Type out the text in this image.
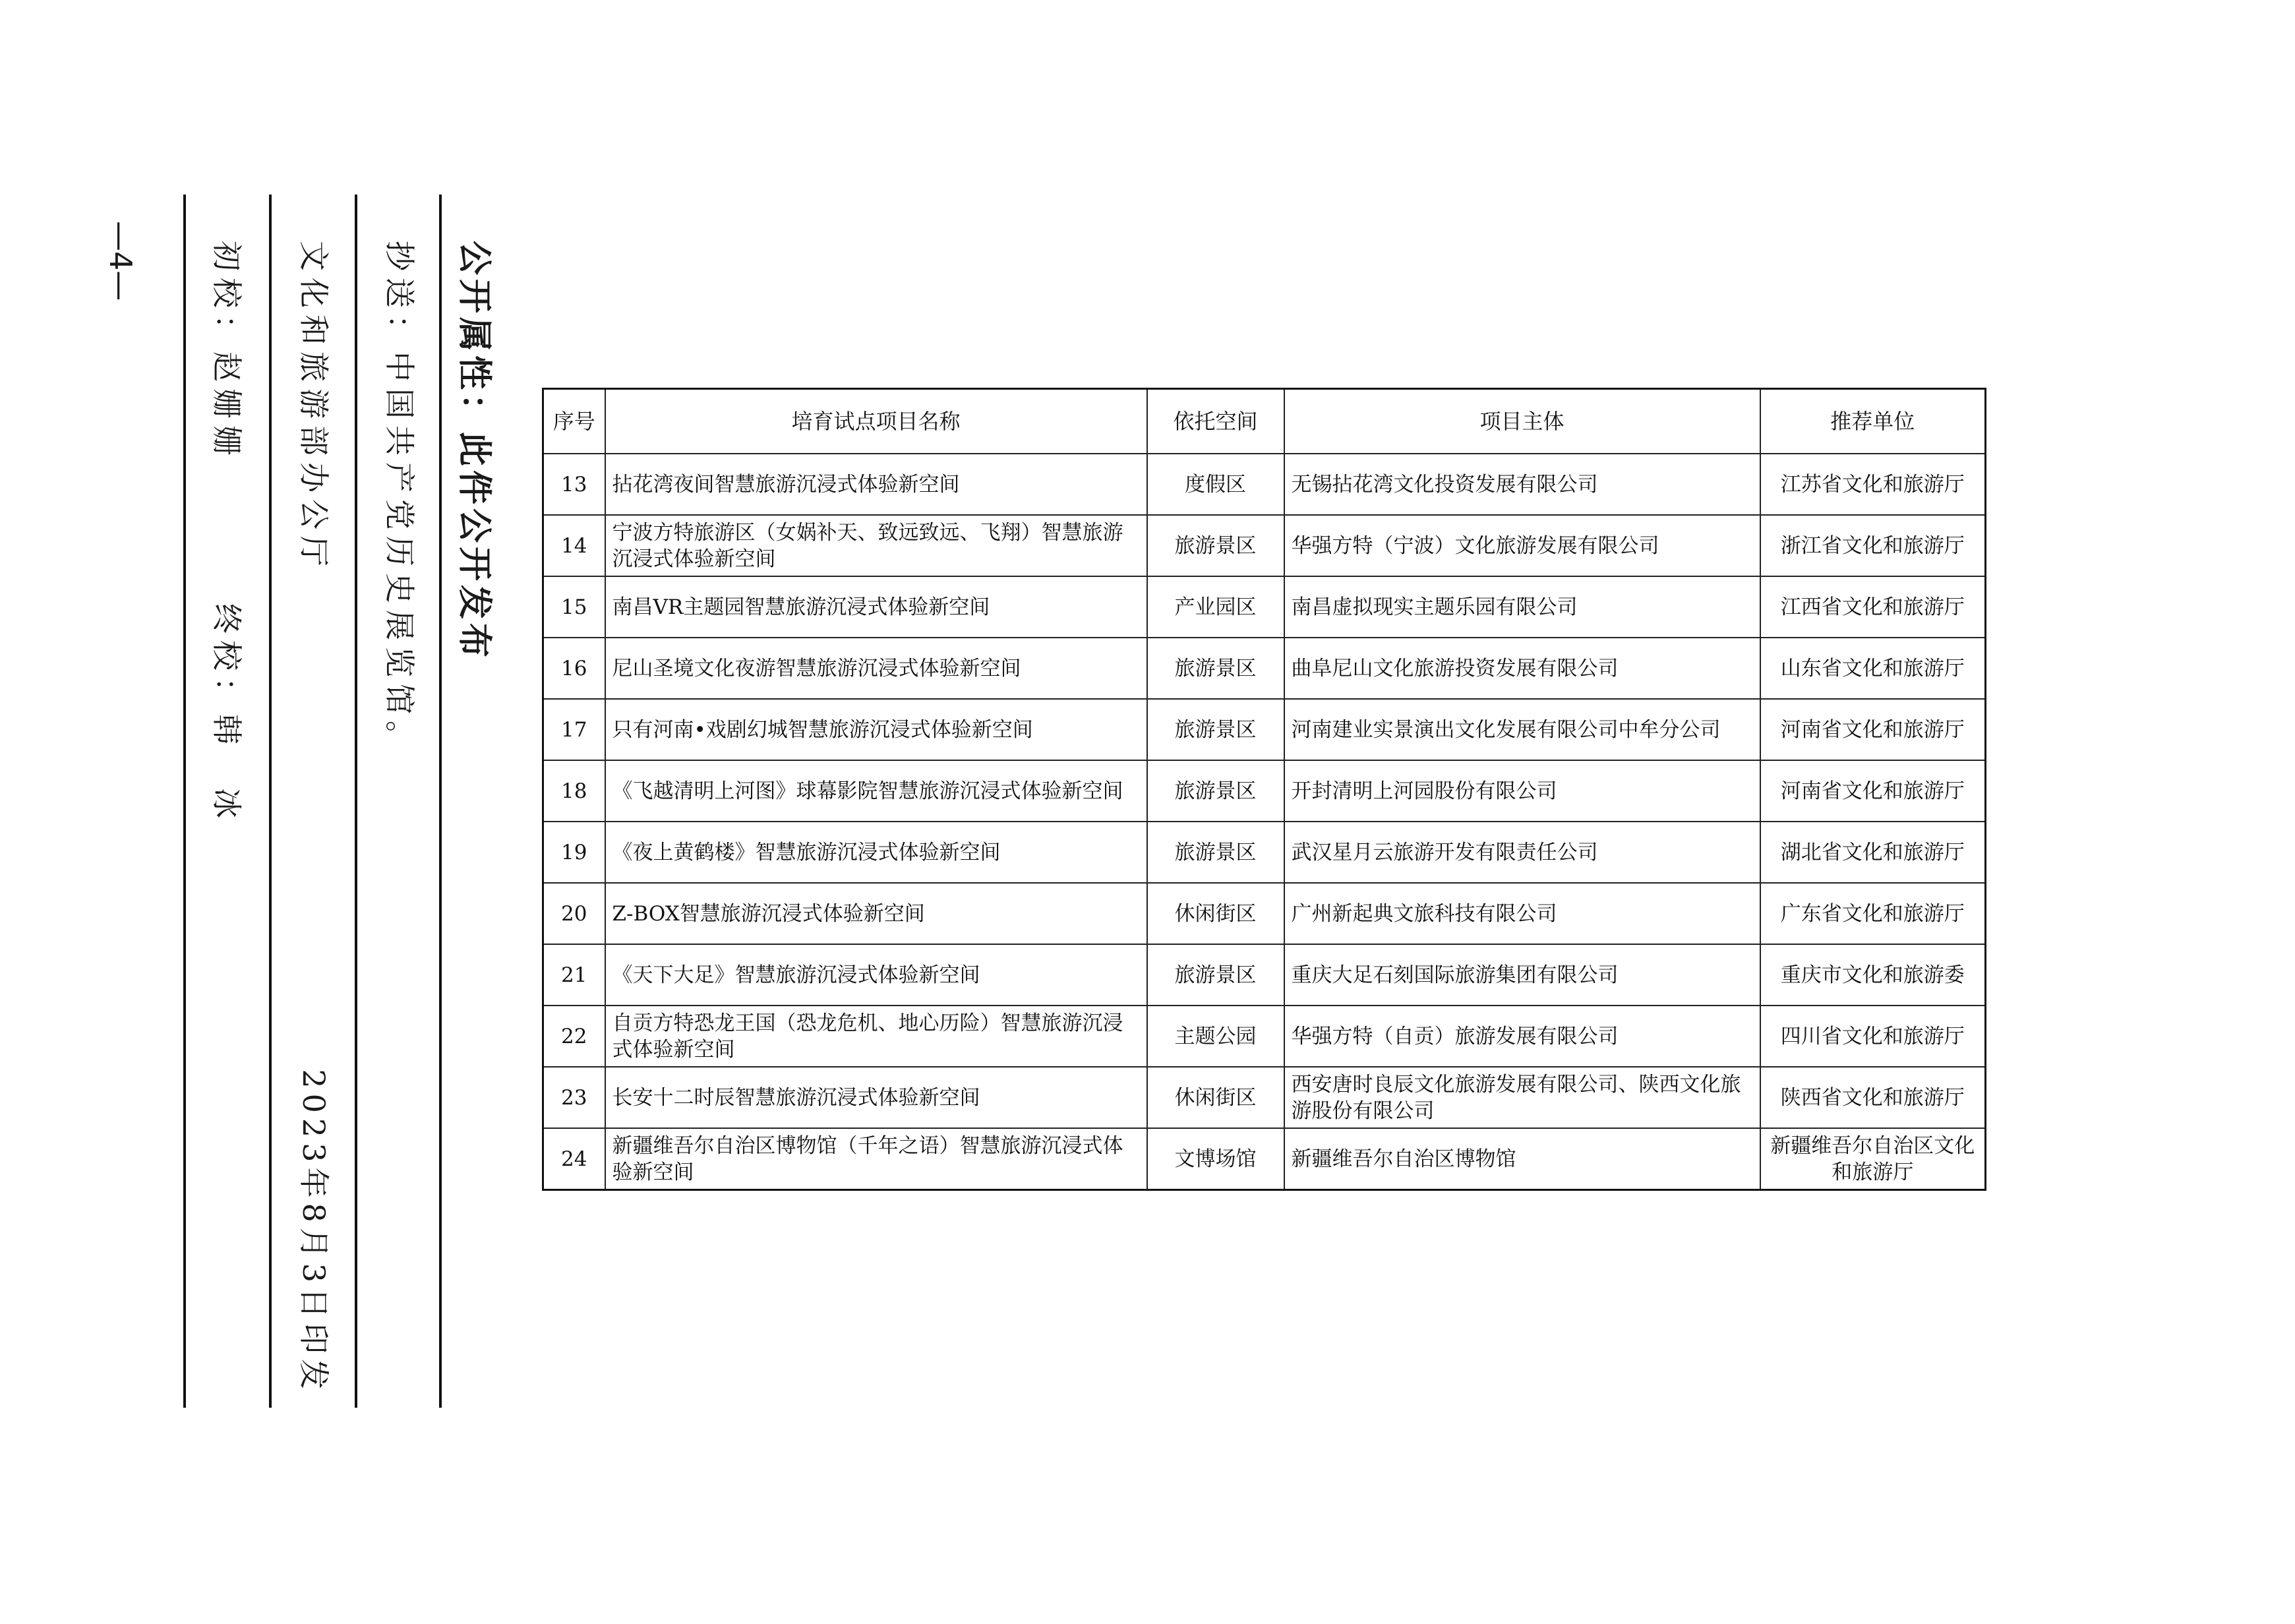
公开属性：此件公开发布
抄送：中国共产党历史展览馆。
文化和旅游部办公厅
2023年8月3日印发
初校：赵姗姗
终校：韩　冰
—4—
序号	培育试点项目名称	依托空间	项目主体	推荐单位
13	拈花湾夜间智慧旅游沉浸式体验新空间	度假区	无锡拈花湾文化投资发展有限公司	江苏省文化和旅游厅
14	宁波方特旅游区（女娲补天、致远致远、飞翔）智慧旅游沉浸式体验新空间	旅游景区	华强方特（宁波）文化旅游发展有限公司	浙江省文化和旅游厅
15	南昌VR主题园智慧旅游沉浸式体验新空间	产业园区	南昌虚拟现实主题乐园有限公司	江西省文化和旅游厅
16	尼山圣境文化夜游智慧旅游沉浸式体验新空间	旅游景区	曲阜尼山文化旅游投资发展有限公司	山东省文化和旅游厅
17	只有河南•戏剧幻城智慧旅游沉浸式体验新空间	旅游景区	河南建业实景演出文化发展有限公司中牟分公司	河南省文化和旅游厅
18	《飞越清明上河图》球幕影院智慧旅游沉浸式体验新空间	旅游景区	开封清明上河园股份有限公司	河南省文化和旅游厅
19	《夜上黄鹤楼》智慧旅游沉浸式体验新空间	旅游景区	武汉星月云旅游开发有限责任公司	湖北省文化和旅游厅
20	Z-BOX智慧旅游沉浸式体验新空间	休闲街区	广州新起典文旅科技有限公司	广东省文化和旅游厅
21	《天下大足》智慧旅游沉浸式体验新空间	旅游景区	重庆大足石刻国际旅游集团有限公司	重庆市文化和旅游委
22	自贡方特恐龙王国（恐龙危机、地心历险）智慧旅游沉浸式体验新空间	主题公园	华强方特（自贡）旅游发展有限公司	四川省文化和旅游厅
23	长安十二时辰智慧旅游沉浸式体验新空间	休闲街区	西安唐时良辰文化旅游发展有限公司、陕西文化旅游股份有限公司	陕西省文化和旅游厅
24	新疆维吾尔自治区博物馆（千年之语）智慧旅游沉浸式体验新空间	文博场馆	新疆维吾尔自治区博物馆	新疆维吾尔自治区文化和旅游厅
